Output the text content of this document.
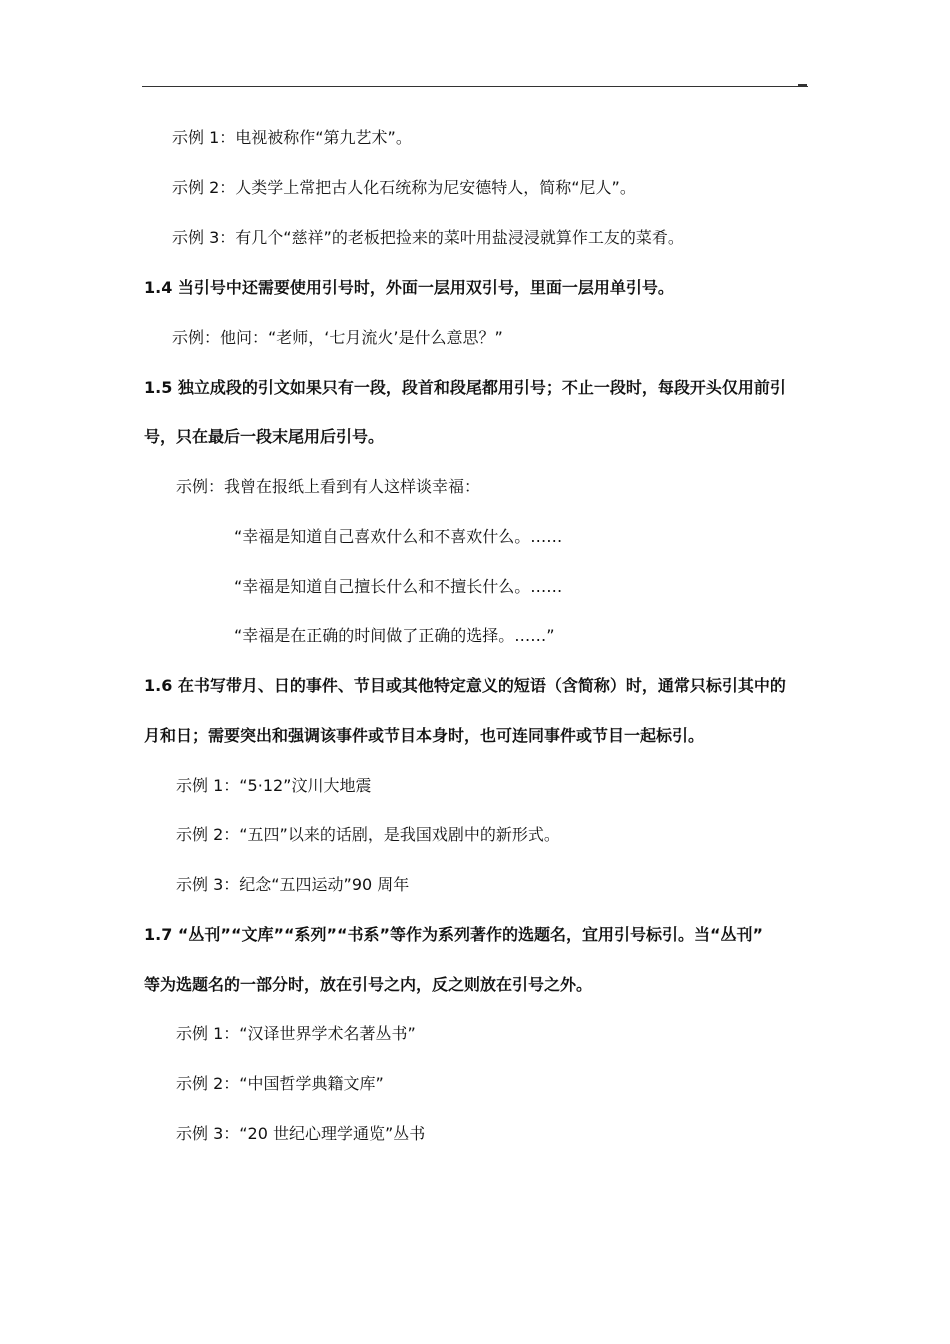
示例 1：电视被称作“第九艺术”。
示例 2：人类学上常把古人化石统称为尼安德特人，简称“尼人”。
示例 3：有几个“慈祥”的老板把捡来的菜叶用盐浸浸就算作工友的菜肴。
1.4 当引号中还需要使用引号时，外面一层用双引号，里面一层用单引号。
示例：他问：“老师，‘七月流火’是什么意思？”
1.5 独立成段的引文如果只有一段，段首和段尾都用引号；不止一段时，每段开头仅用前引
号，只在最后一段末尾用后引号。
示例：我曾在报纸上看到有人这样谈幸福：
“幸福是知道自己喜欢什么和不喜欢什么。……
“幸福是知道自己擅长什么和不擅长什么。……
“幸福是在正确的时间做了正确的选择。……”
1.6 在书写带月、日的事件、节目或其他特定意义的短语（含简称）时，通常只标引其中的
月和日；需要突出和强调该事件或节目本身时，也可连同事件或节目一起标引。
示例 1：“5·12”汶川大地震
示例 2：“五四”以来的话剧，是我国戏剧中的新形式。
示例 3：纪念“五四运动”90 周年
1.7 “丛刊”“文库”“系列”“书系”等作为系列著作的选题名，宜用引号标引。当“丛刊”
等为选题名的一部分时，放在引号之内，反之则放在引号之外。
示例 1：“汉译世界学术名著丛书”
示例 2：“中国哲学典籍文库”
示例 3：“20 世纪心理学通览”丛书
